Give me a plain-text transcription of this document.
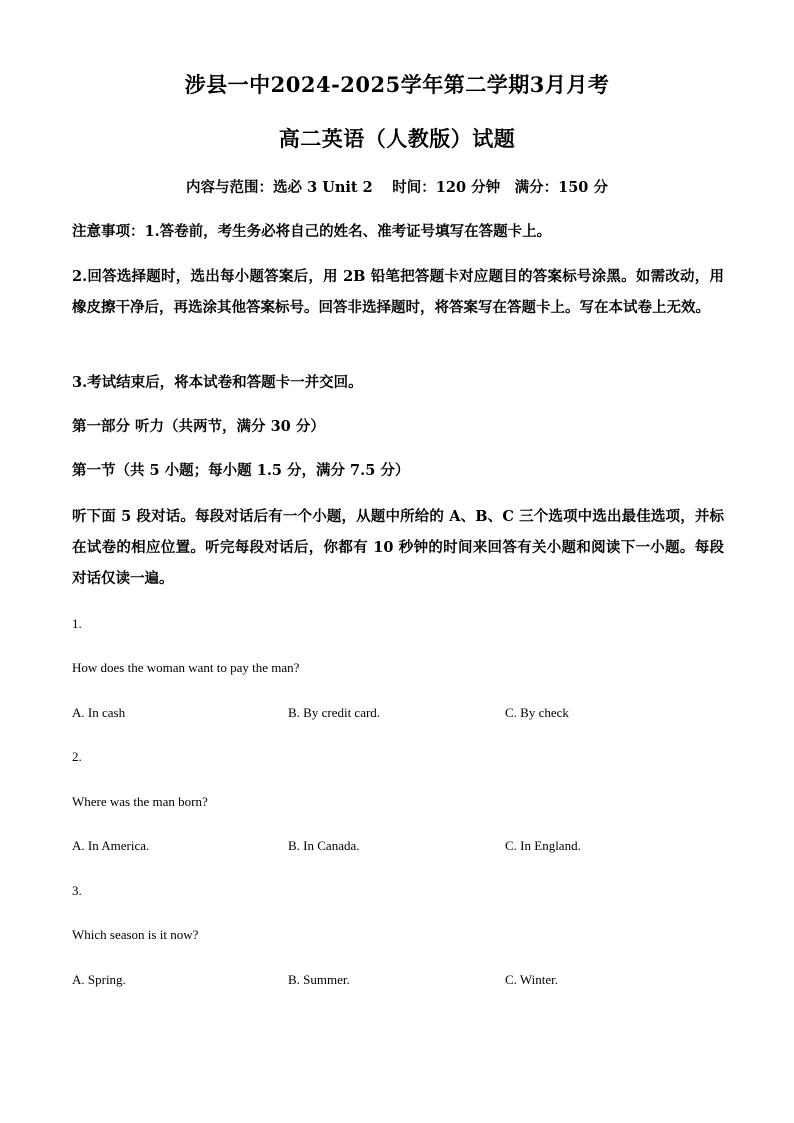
涉县一中2024-2025学年第二学期3月月考
高二英语（人教版）试题
内容与范围：选必 3 Unit 2　 时间：120 分钟　满分：150 分
注意事项：1.答卷前，考生务必将自己的姓名、准考证号填写在答题卡上。
2.回答选择题时，选出每小题答案后，用 2B 铅笔把答题卡对应题目的答案标号涂黑。如需改动，用橡皮擦干净后，再选涂其他答案标号。回答非选择题时，将答案写在答题卡上。写在本试卷上无效。
3.考试结束后，将本试卷和答题卡一并交回。
第一部分 听力（共两节，满分 30 分）
第一节（共 5 小题；每小题 1.5 分，满分 7.5 分）
听下面 5 段对话。每段对话后有一个小题，从题中所给的 A、B、C 三个选项中选出最佳选项，并标在试卷的相应位置。听完每段对话后，你都有 10 秒钟的时间来回答有关小题和阅读下一小题。每段对话仅读一遍。
1.
How does the woman want to pay the man?
A. In cash	B. By credit card.	C. By check
2.
Where was the man born?
A. In America.	B. In Canada.	C. In England.
3.
Which season is it now?
A. Spring.	B. Summer.	C. Winter.
